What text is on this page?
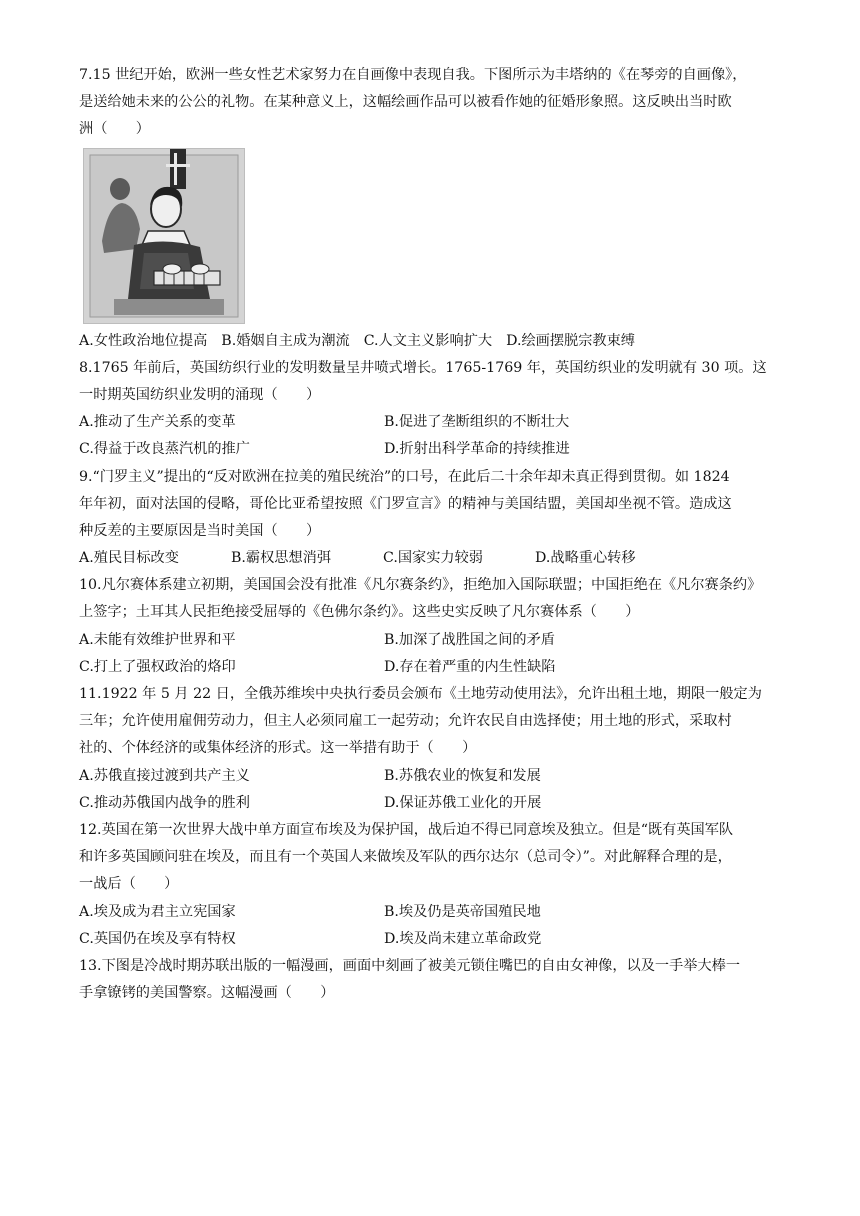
7.15 世纪开始，欧洲一些女性艺术家努力在自画像中表现自我。下图所示为丰塔纳的《在琴旁的自画像》，
是送给她未来的公公的礼物。在某种意义上，这幅绘画作品可以被看作她的征婚形象照。这反映出当时欧
洲（　　）
A.女性政治地位提高 B.婚姻自主成为潮流 C.人文主义影响扩大 D.绘画摆脱宗教束缚
8.1765 年前后，英国纺织行业的发明数量呈井喷式增长。1765-1769 年，英国纺织业的发明就有 30 项。这
一时期英国纺织业发明的涌现（　　）
A.推动了生产关系的变革	B.促进了垄断组织的不断壮大
C.得益于改良蒸汽机的推广	D.折射出科学革命的持续推进
9.“门罗主义”提出的“反对欧洲在拉美的殖民统治”的口号，在此后二十余年却未真正得到贯彻。如 1824
年年初，面对法国的侵略，哥伦比亚希望按照《门罗宣言》的精神与美国结盟，美国却坐视不管。造成这
种反差的主要原因是当时美国（　　）
A.殖民目标改变	B.霸权思想消弭	C.国家实力较弱	D.战略重心转移
10.凡尔赛体系建立初期，美国国会没有批准《凡尔赛条约》，拒绝加入国际联盟；中国拒绝在《凡尔赛条约》
上签字；土耳其人民拒绝接受屈辱的《色佛尔条约》。这些史实反映了凡尔赛体系（　　）
A.未能有效维护世界和平	B.加深了战胜国之间的矛盾
C.打上了强权政治的烙印	D.存在着严重的内生性缺陷
11.1922 年 5 月 22 日，全俄苏维埃中央执行委员会颁布《土地劳动使用法》，允许出租土地，期限一般定为
三年；允许使用雇佣劳动力，但主人必须同雇工一起劳动；允许农民自由选择使；用土地的形式，采取村
社的、个体经济的或集体经济的形式。这一举措有助于（　　）
A.苏俄直接过渡到共产主义	B.苏俄农业的恢复和发展
C.推动苏俄国内战争的胜利	D.保证苏俄工业化的开展
12.英国在第一次世界大战中单方面宣布埃及为保护国，战后迫不得已同意埃及独立。但是“既有英国军队
和许多英国顾问驻在埃及，而且有一个英国人来做埃及军队的西尔达尔（总司令）”。对此解释合理的是，
一战后（　　）
A.埃及成为君主立宪国家	B.埃及仍是英帝国殖民地
C.英国仍在埃及享有特权	D.埃及尚未建立革命政党
13.下图是冷战时期苏联出版的一幅漫画，画面中刻画了被美元锁住嘴巴的自由女神像，以及一手举大棒一
手拿镣铐的美国警察。这幅漫画（　　）
